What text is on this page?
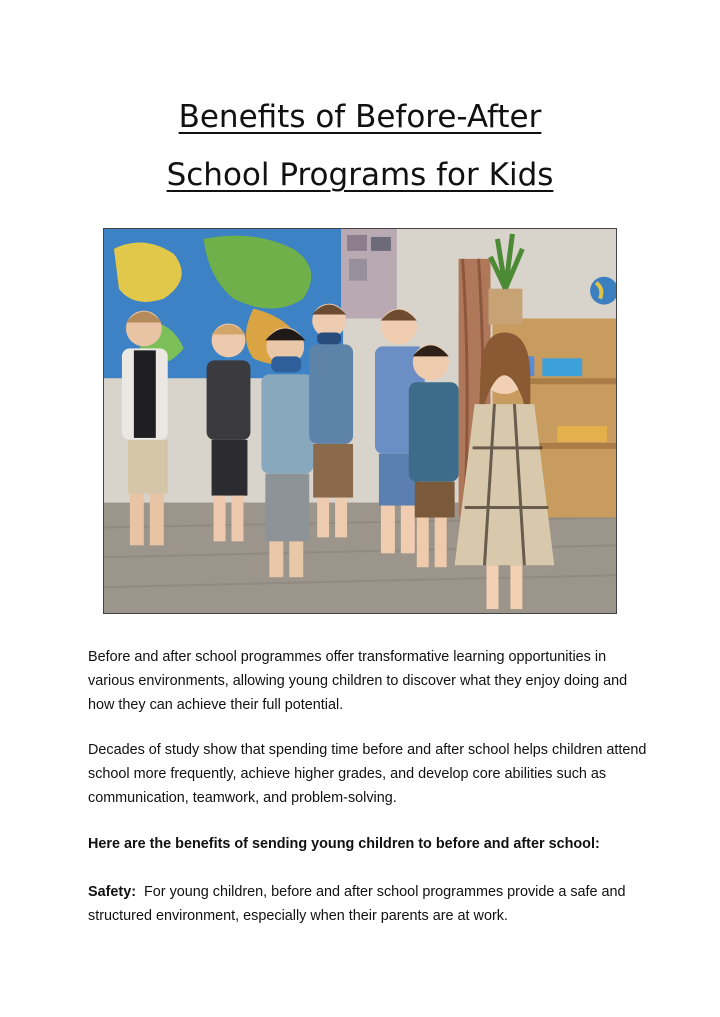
Benefits of Before-After
School Programs for Kids

Before and after school programmes offer transformative learning opportunities in various environments, allowing young children to discover what they enjoy doing and how they can achieve their full potential.

Decades of study show that spending time before and after school helps children attend school more frequently, achieve higher grades, and develop core abilities such as communication, teamwork, and problem-solving.

Here are the benefits of sending young children to before and after school:

Safety: For young children, before and after school programmes provide a safe and structured environment, especially when their parents are at work.
